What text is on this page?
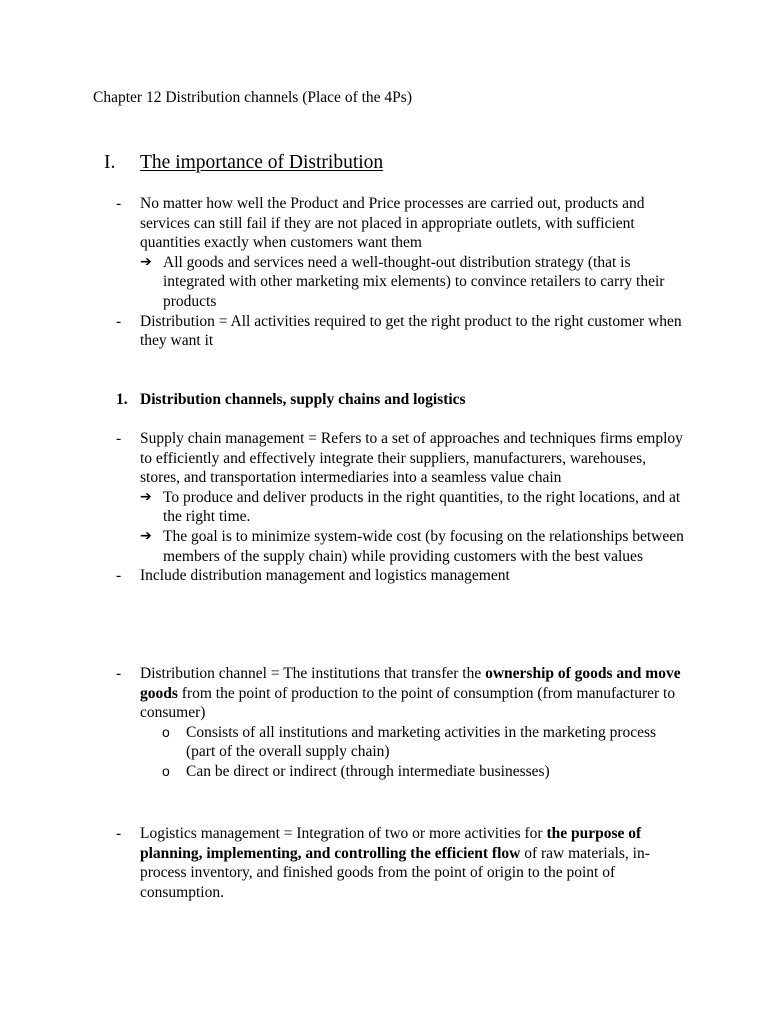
Chapter 12 Distribution channels (Place of the 4Ps)
I. The importance of Distribution
- No matter how well the Product and Price processes are carried out, products and services can still fail if they are not placed in appropriate outlets, with sufficient quantities exactly when customers want them
➔ All goods and services need a well-thought-out distribution strategy (that is integrated with other marketing mix elements) to convince retailers to carry their products
- Distribution = All activities required to get the right product to the right customer when they want it
1. Distribution channels, supply chains and logistics
- Supply chain management = Refers to a set of approaches and techniques firms employ to efficiently and effectively integrate their suppliers, manufacturers, warehouses, stores, and transportation intermediaries into a seamless value chain
➔ To produce and deliver products in the right quantities, to the right locations, and at the right time.
➔ The goal is to minimize system-wide cost (by focusing on the relationships between members of the supply chain) while providing customers with the best values
- Include distribution management and logistics management
- Distribution channel = The institutions that transfer the ownership of goods and move goods from the point of production to the point of consumption (from manufacturer to consumer)
o Consists of all institutions and marketing activities in the marketing process (part of the overall supply chain)
o Can be direct or indirect (through intermediate businesses)
- Logistics management = Integration of two or more activities for the purpose of planning, implementing, and controlling the efficient flow of raw materials, in-process inventory, and finished goods from the point of origin to the point of consumption.
